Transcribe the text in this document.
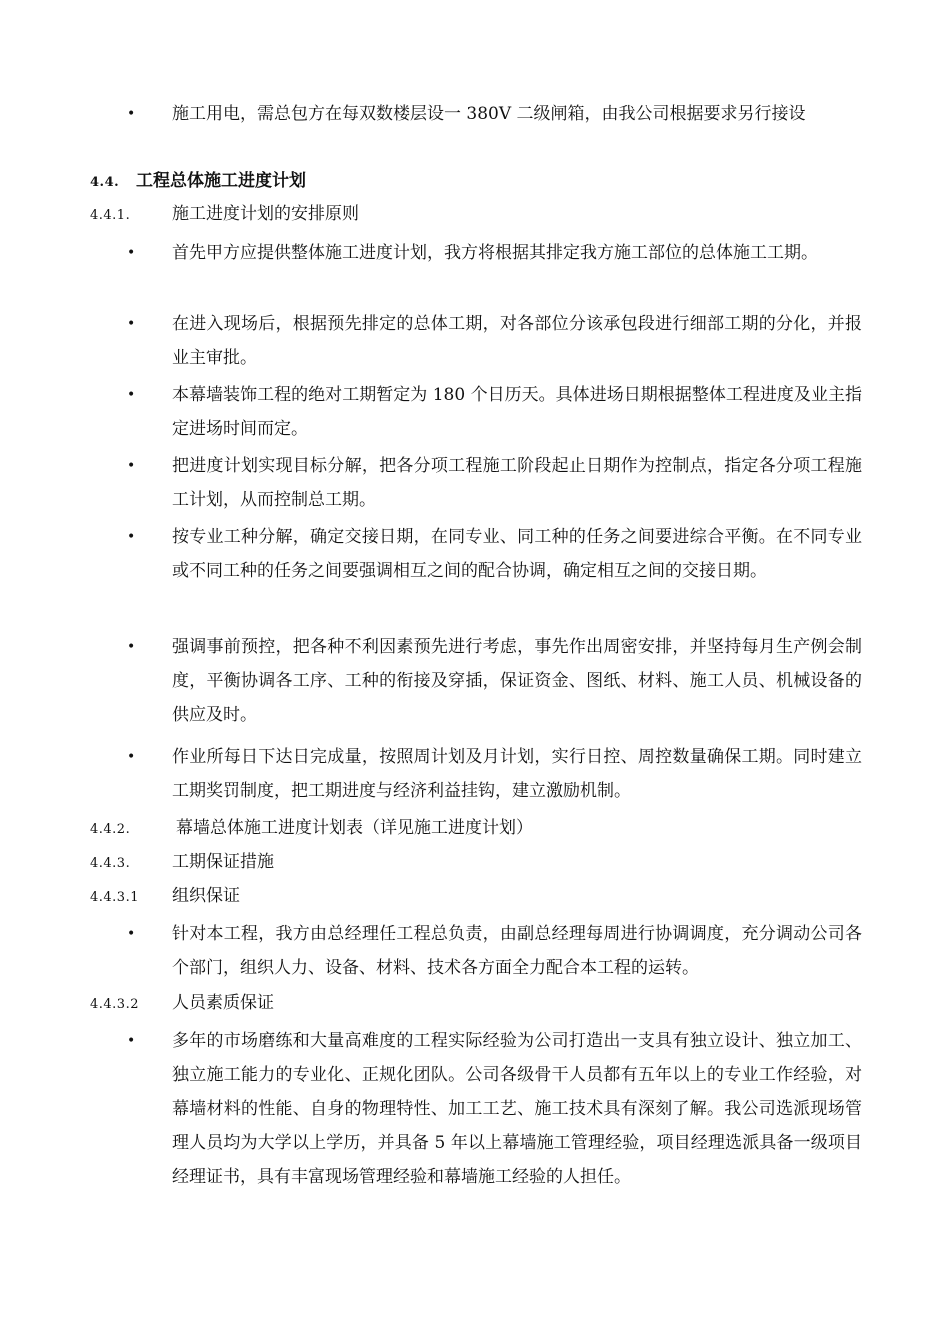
• 施工用电，需总包方在每双数楼层设一 380V 二级闸箱，由我公司根据要求另行接设
4.4. 工程总体施工进度计划
4.4.1. 施工进度计划的安排原则
• 首先甲方应提供整体施工进度计划，我方将根据其排定我方施工部位的总体施工工期。
• 在进入现场后，根据预先排定的总体工期，对各部位分该承包段进行细部工期的分化，并报业主审批。
• 本幕墙装饰工程的绝对工期暂定为 180 个日历天。具体进场日期根据整体工程进度及业主指定进场时间而定。
• 把进度计划实现目标分解，把各分项工程施工阶段起止日期作为控制点，指定各分项工程施工计划，从而控制总工期。
• 按专业工种分解，确定交接日期，在同专业、同工种的任务之间要进综合平衡。在不同专业或不同工种的任务之间要强调相互之间的配合协调，确定相互之间的交接日期。
• 强调事前预控，把各种不利因素预先进行考虑，事先作出周密安排，并坚持每月生产例会制度，平衡协调各工序、工种的衔接及穿插，保证资金、图纸、材料、施工人员、机械设备的供应及时。
• 作业所每日下达日完成量，按照周计划及月计划，实行日控、周控数量确保工期。同时建立工期奖罚制度，把工期进度与经济利益挂钩，建立激励机制。
4.4.2.	幕墙总体施工进度计划表（详见施工进度计划）
4.4.3. 工期保证措施
4.4.3.1 组织保证
• 针对本工程，我方由总经理任工程总负责，由副总经理每周进行协调调度，充分调动公司各个部门，组织人力、设备、材料、技术各方面全力配合本工程的运转。
4.4.3.2 人员素质保证
• 多年的市场磨练和大量高难度的工程实际经验为公司打造出一支具有独立设计、独立加工、独立施工能力的专业化、正规化团队。公司各级骨干人员都有五年以上的专业工作经验，对幕墙材料的性能、自身的物理特性、加工工艺、施工技术具有深刻了解。我公司选派现场管理人员均为大学以上学历，并具备 5 年以上幕墙施工管理经验，项目经理选派具备一级项目经理证书，具有丰富现场管理经验和幕墙施工经验的人担任。
